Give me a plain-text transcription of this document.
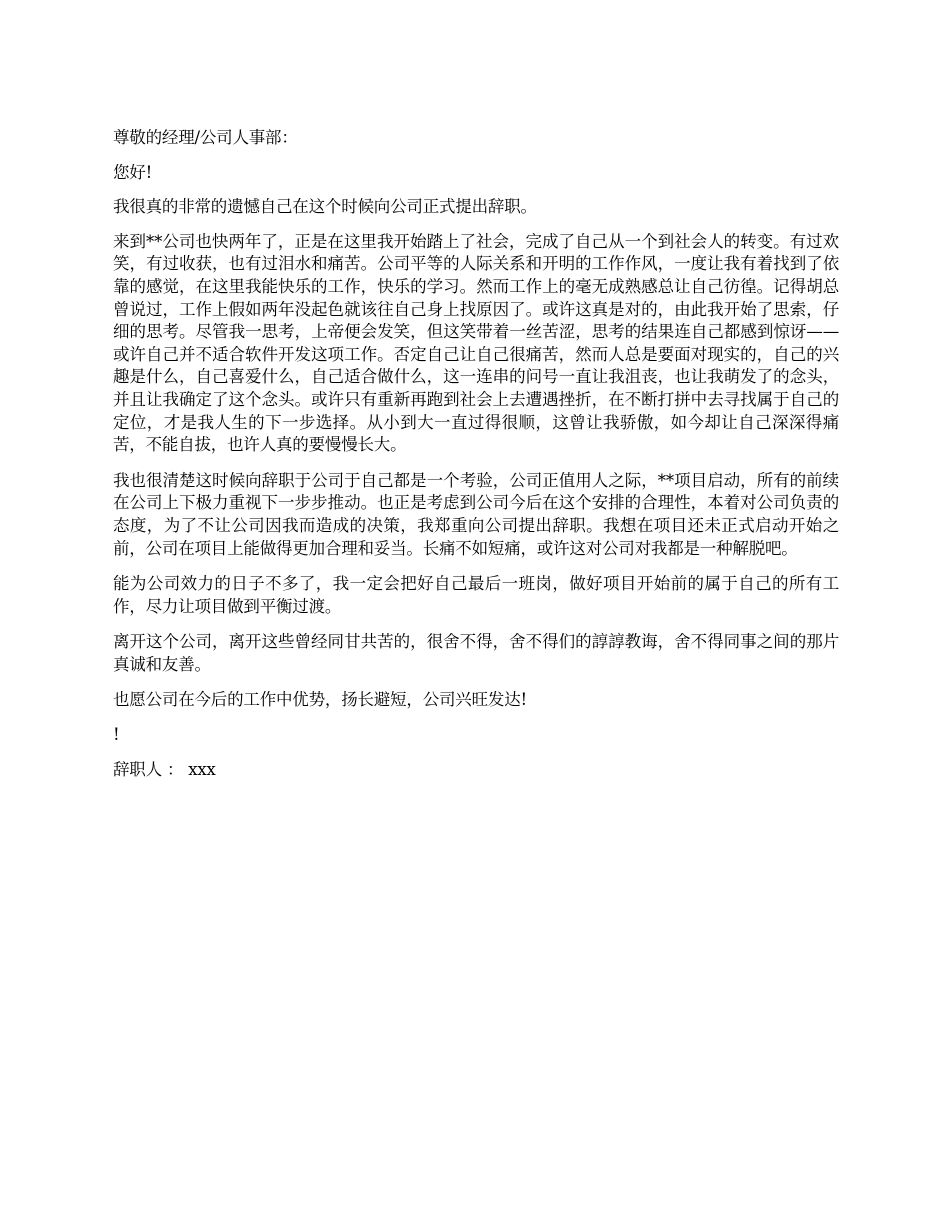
尊敬的经理/公司人事部：

您好!

我很真的非常的遗憾自己在这个时候向公司正式提出辞职。

来到**公司也快两年了，正是在这里我开始踏上了社会，完成了自己从一个到社会人的转变。有过欢笑，有过收获，也有过泪水和痛苦。公司平等的人际关系和开明的工作作风，一度让我有着找到了依靠的感觉，在这里我能快乐的工作，快乐的学习。然而工作上的毫无成熟感总让自己彷徨。记得胡总曾说过，工作上假如两年没起色就该往自己身上找原因了。或许这真是对的，由此我开始了思索，仔细的思考。尽管我一思考，上帝便会发笑，但这笑带着一丝苦涩，思考的结果连自己都感到惊讶——或许自己并不适合软件开发这项工作。否定自己让自己很痛苦，然而人总是要面对现实的，自己的兴趣是什么，自己喜爱什么，自己适合做什么，这一连串的问号一直让我沮丧，也让我萌发了的念头，并且让我确定了这个念头。或许只有重新再跑到社会上去遭遇挫折，在不断打拼中去寻找属于自己的定位，才是我人生的下一步选择。从小到大一直过得很顺，这曾让我骄傲，如今却让自己深深得痛苦，不能自拔，也许人真的要慢慢长大。

我也很清楚这时候向辞职于公司于自己都是一个考验，公司正值用人之际，**项目启动，所有的前续在公司上下极力重视下一步步推动。也正是考虑到公司今后在这个安排的合理性，本着对公司负责的态度，为了不让公司因我而造成的决策，我郑重向公司提出辞职。我想在项目还未正式启动开始之前，公司在项目上能做得更加合理和妥当。长痛不如短痛，或许这对公司对我都是一种解脱吧。

能为公司效力的日子不多了，我一定会把好自己最后一班岗，做好项目开始前的属于自己的所有工作，尽力让项目做到平衡过渡。

离开这个公司，离开这些曾经同甘共苦的，很舍不得，舍不得们的諄諄教诲，舍不得同事之间的那片真诚和友善。

也愿公司在今后的工作中优势，扬长避短，公司兴旺发达!

!

辞职人 ： xxx
